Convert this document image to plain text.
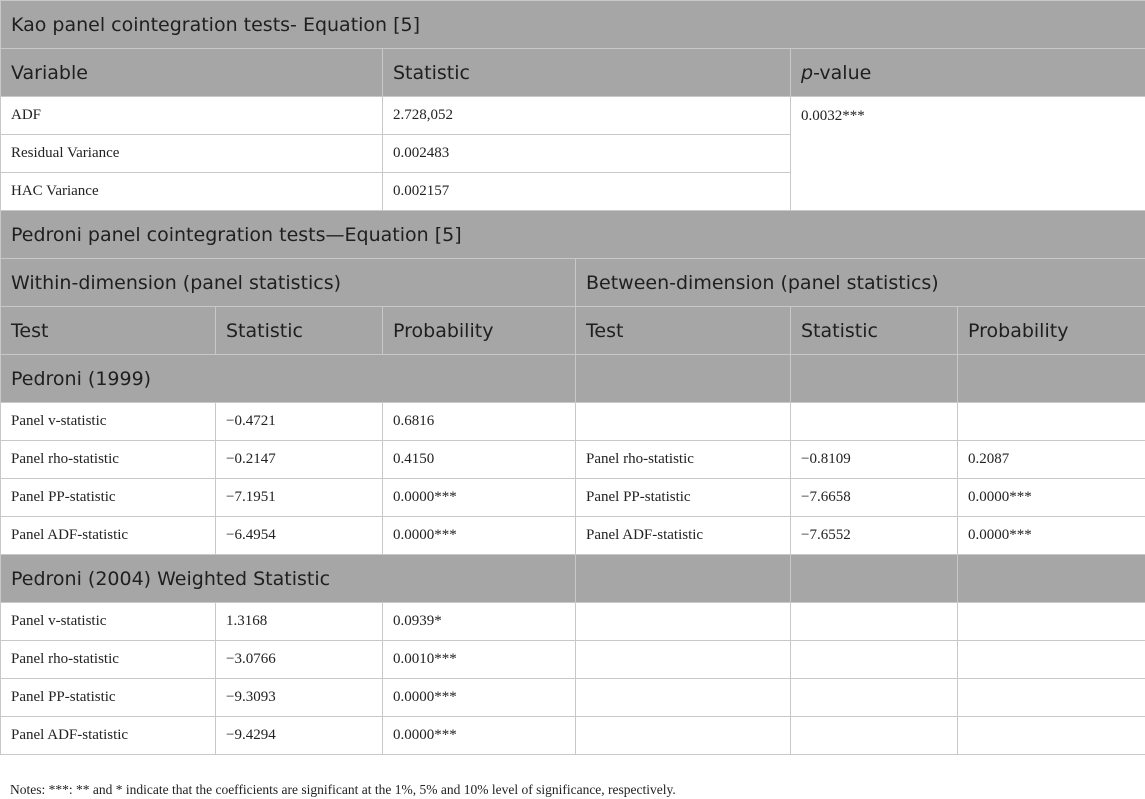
Kao panel cointegration tests- Equation [5]					
Variable		Statistic		p-value	
ADF		2.728,052		0.0032***	
Residual Variance		0.002483			
HAC Variance		0.002157			
Pedroni panel cointegration tests—Equation [5]					
Within-dimension (panel statistics)			Between-dimension (panel statistics)		
Test	Statistic	Probability	Test	Statistic	Probability
Pedroni (1999)					
Panel v-statistic	−0.4721	0.6816			
Panel rho-statistic	−0.2147	0.4150	Panel rho-statistic	−0.8109	0.2087
Panel PP-statistic	−7.1951	0.0000***	Panel PP-statistic	−7.6658	0.0000***
Panel ADF-statistic	−6.4954	0.0000***	Panel ADF-statistic	−7.6552	0.0000***
Pedroni (2004) Weighted Statistic					
Panel v-statistic	1.3168	0.0939*			
Panel rho-statistic	−3.0766	0.0010***			
Panel PP-statistic	−9.3093	0.0000***			
Panel ADF-statistic	−9.4294	0.0000***			
Notes: ***: ** and * indicate that the coefficients are significant at the 1%, 5% and 10% level of significance, respectively.
